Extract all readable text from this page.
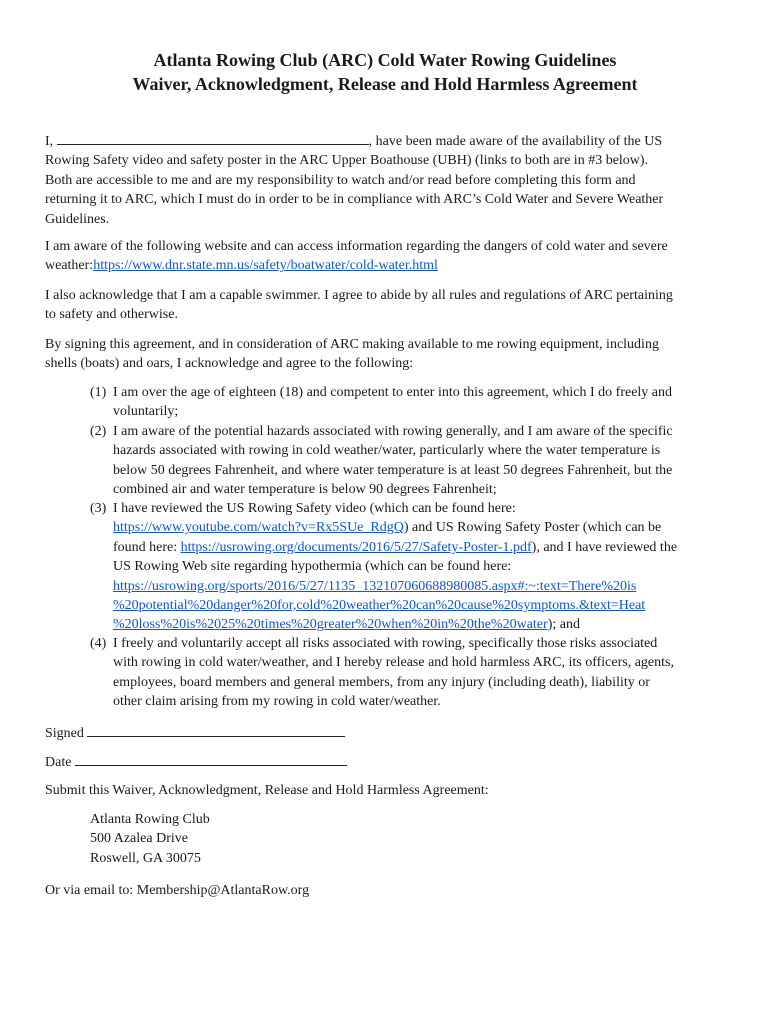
Atlanta Rowing Club (ARC) Cold Water Rowing Guidelines
Waiver, Acknowledgment, Release and Hold Harmless Agreement
I,	, have been made aware of the availability of the US
Rowing Safety video and safety poster in the ARC Upper Boathouse (UBH) (links to both are in #3 below).
Both are accessible to me and are my responsibility to watch and/or read before completing this form and
returning it to ARC, which I must do in order to be in compliance with ARC’s Cold Water and Severe Weather
Guidelines.
I am aware of the following website and can access information regarding the dangers of cold water and severe
weather:https://www.dnr.state.mn.us/safety/boatwater/cold-water.html
I also acknowledge that I am a capable swimmer. I agree to abide by all rules and regulations of ARC pertaining
to safety and otherwise.
By signing this agreement, and in consideration of ARC making available to me rowing equipment, including
shells (boats) and oars, I acknowledge and agree to the following:
(1) I am over the age of eighteen (18) and competent to enter into this agreement, which I do freely and
voluntarily;
(2) I am aware of the potential hazards associated with rowing generally, and I am aware of the specific
hazards associated with rowing in cold weather/water, particularly where the water temperature is
below 50 degrees Fahrenheit, and where water temperature is at least 50 degrees Fahrenheit, but the
combined air and water temperature is below 90 degrees Fahrenheit;
(3) I have reviewed the US Rowing Safety video (which can be found here:
https://www.youtube.com/watch?v=Rx5SUe_RdgQ) and US Rowing Safety Poster (which can be
found here: https://usrowing.org/documents/2016/5/27/Safety-Poster-1.pdf), and I have reviewed the
US Rowing Web site regarding hypothermia (which can be found here:
https://usrowing.org/sports/2016/5/27/1135_132107060688980085.aspx#:~:text=There%20is
%20potential%20danger%20for,cold%20weather%20can%20cause%20symptoms.&text=Heat
%20loss%20is%2025%20times%20greater%20when%20in%20the%20water); and
(4) I freely and voluntarily accept all risks associated with rowing, specifically those risks associated
with rowing in cold water/weather, and I hereby release and hold harmless ARC, its officers, agents,
employees, board members and general members, from any injury (including death), liability or
other claim arising from my rowing in cold water/weather.
Signed
Date
Submit this Waiver, Acknowledgment, Release and Hold Harmless Agreement:
Atlanta Rowing Club
500 Azalea Drive
Roswell, GA 30075
Or via email to: Membership@AtlantaRow.org
